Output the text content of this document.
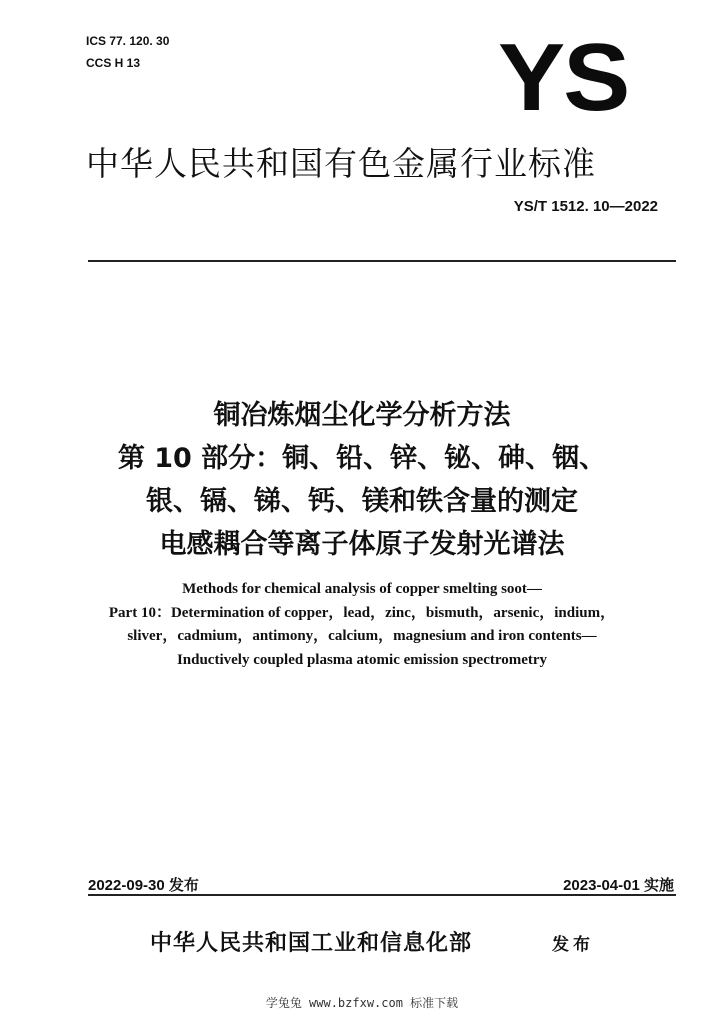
ICS 77. 120. 30
CCS H 13	YS
中华人民共和国有色金属行业标准
YS/T 1512. 10—2022
铜冶炼烟尘化学分析方法
第 10 部分：铜、铅、锌、铋、砷、铟、
银、镉、锑、钙、镁和铁含量的测定
电感耦合等离子体原子发射光谱法
Methods for chemical analysis of copper smelting soot—
Part 10：Determination of copper，lead，zinc，bismuth，arsenic，indium，
sliver，cadmium，antimony，calcium，magnesium and iron contents—
Inductively coupled plasma atomic emission spectrometry
2022-09-30 发布	2023-04-01 实施
中华人民共和国工业和信息化部	发布
学兔兔 www.bzfxw.com 标准下载
